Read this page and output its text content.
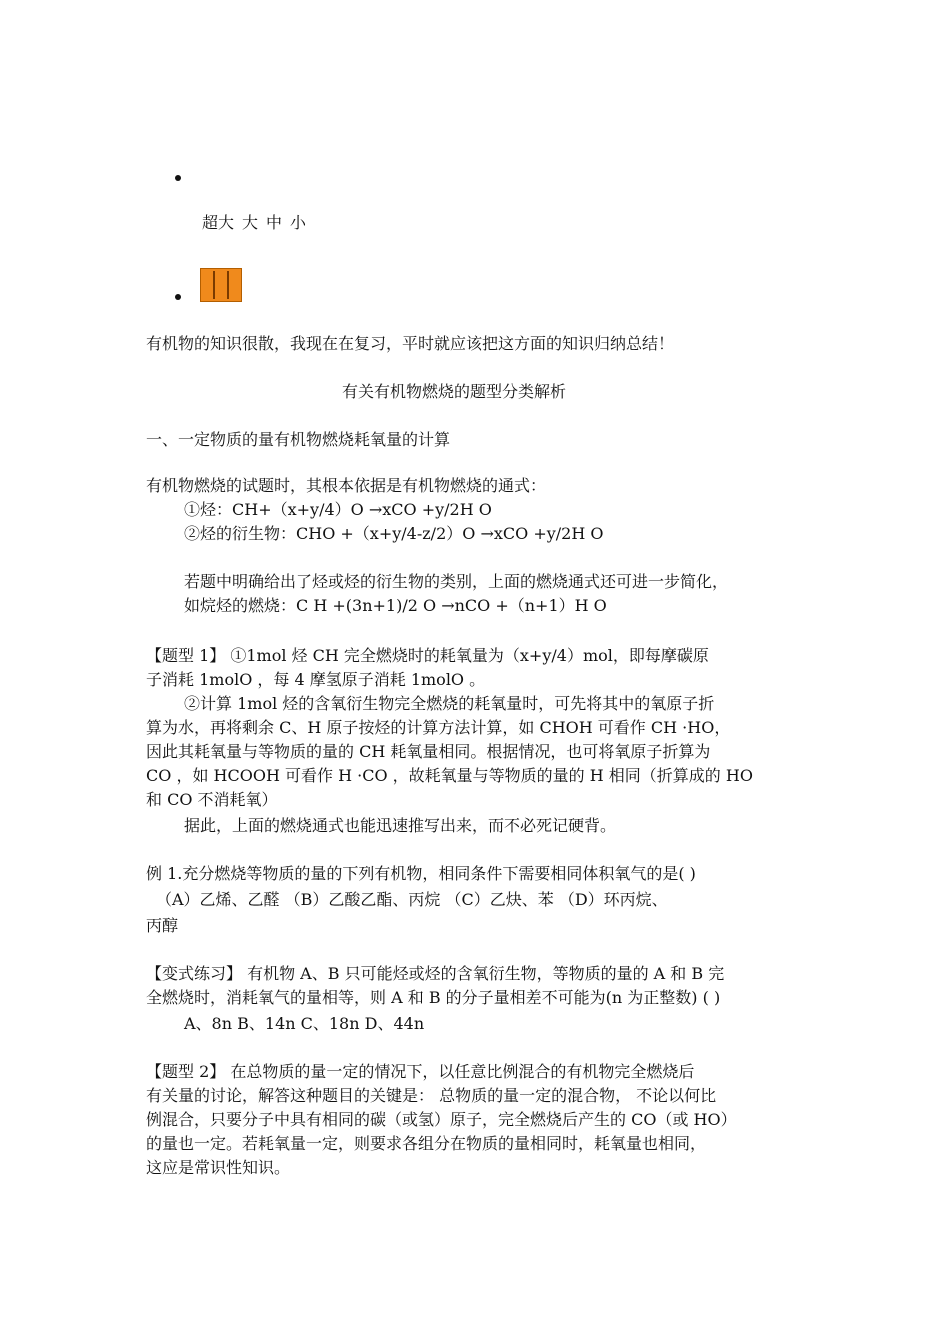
超大 大 中 小
有机物的知识很散，我现在在复习，平时就应该把这方面的知识归纳总结！
有关有机物燃烧的题型分类解析
一、一定物质的量有机物燃烧耗氧量的计算
有机物燃烧的试题时，其根本依据是有机物燃烧的通式：
①烃：CH+（x+y/4）O →xCO +y/2H O
②烃的衍生物：CHO +（x+y/4-z/2）O →xCO +y/2H O
若题中明确给出了烃或烃的衍生物的类别，上面的燃烧通式还可进一步简化，
如烷烃的燃烧：C H +(3n+1)/2 O →nCO +（n+1）H O
【题型 1】 ①1mol 烃 CH 完全燃烧时的耗氧量为（x+y/4）mol，即每摩碳原
子消耗 1molO ，每 4 摩氢原子消耗 1molO 。
②计算 1mol 烃的含氧衍生物完全燃烧的耗氧量时，可先将其中的氧原子折
算为水，再将剩余 C、H 原子按烃的计算方法计算，如 CHOH 可看作 CH ·HO，
因此其耗氧量与等物质的量的 CH 耗氧量相同。根据情况，也可将氧原子折算为
CO ，如 HCOOH 可看作 H ·CO ，故耗氧量与等物质的量的 H 相同（折算成的 HO
和 CO 不消耗氧）
据此，上面的燃烧通式也能迅速推写出来，而不必死记硬背。
例 1.充分燃烧等物质的量的下列有机物，相同条件下需要相同体积氧气的是( )
（A）乙烯、乙醛 （B）乙酸乙酯、丙烷 （C）乙炔、苯 （D）环丙烷、
丙醇
【变式练习】 有机物 A、B 只可能烃或烃的含氧衍生物，等物质的量的 A 和 B 完
全燃烧时，消耗氧气的量相等，则 A 和 B 的分子量相差不可能为(n 为正整数) ( )
A、8n B、14n C、18n D、44n
【题型 2】 在总物质的量一定的情况下，以任意比例混合的有机物完全燃烧后
有关量的讨论，解答这种题目的关键是： 总物质的量一定的混合物， 不论以何比
例混合，只要分子中具有相同的碳（或氢）原子，完全燃烧后产生的 CO（或 HO）
的量也一定。若耗氧量一定，则要求各组分在物质的量相同时，耗氧量也相同，
这应是常识性知识。
